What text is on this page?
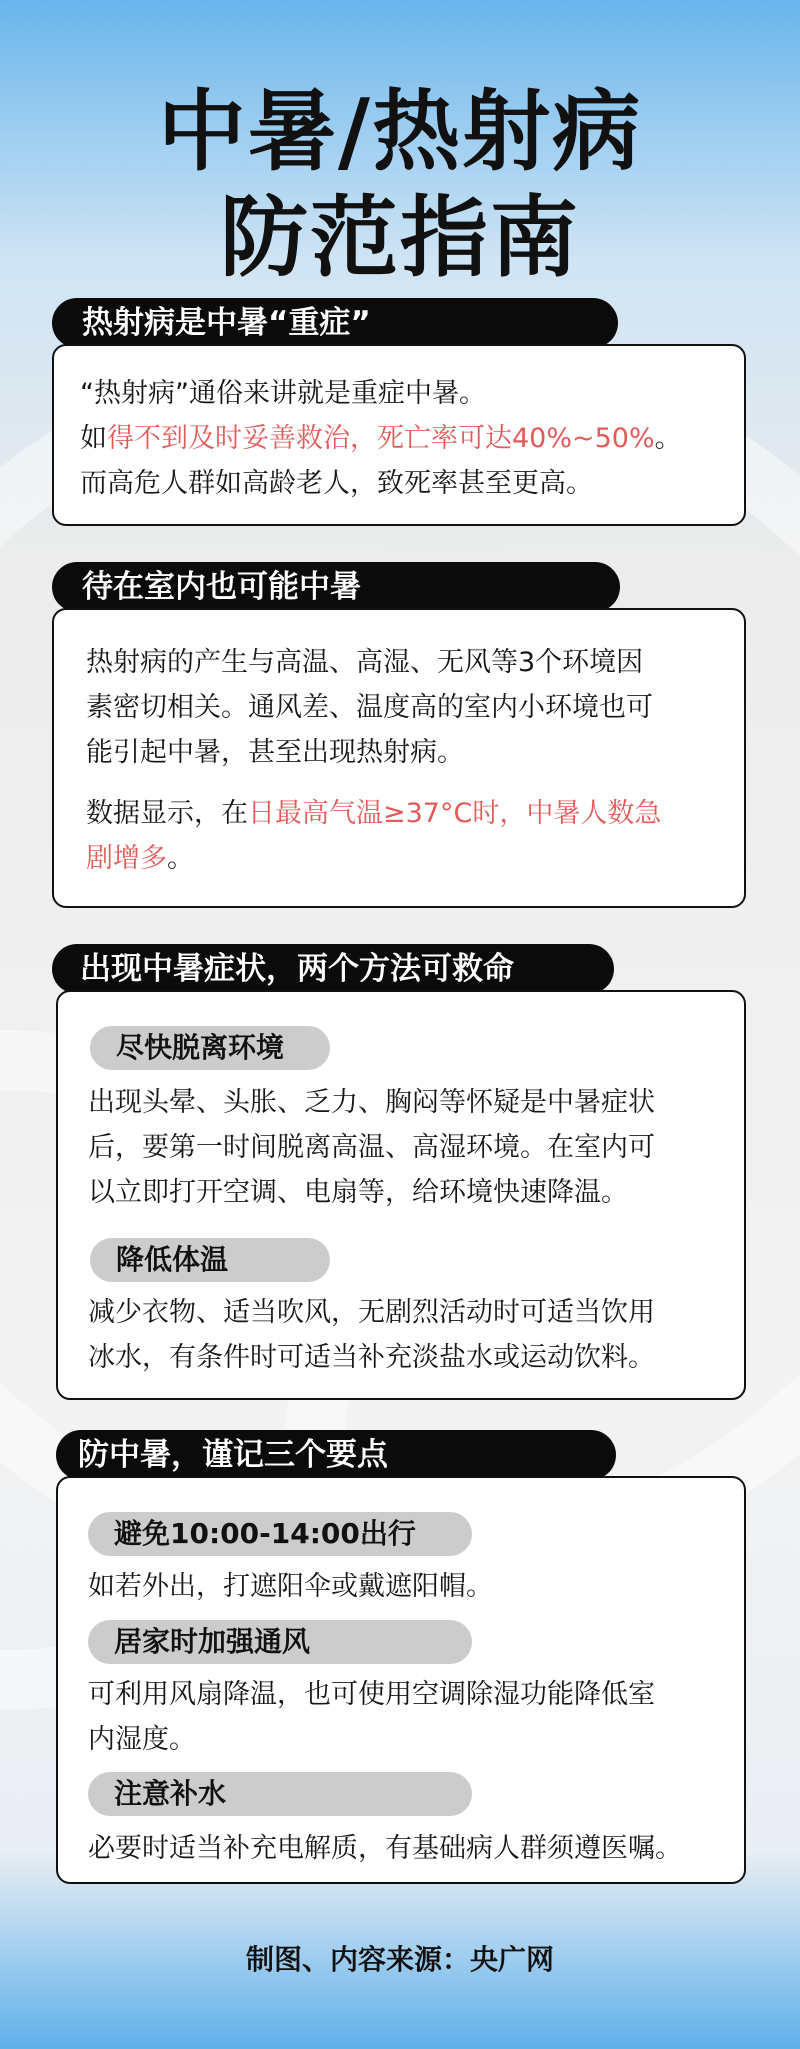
中暑/热射病
防范指南
热射病是中暑“重症”
“热射病”通俗来讲就是重症中暑。
如得不到及时妥善救治，死亡率可达40%~50%。
而高危人群如高龄老人，致死率甚至更高。
待在室内也可能中暑
热射病的产生与高温、高湿、无风等3个环境因
素密切相关。通风差、温度高的室内小环境也可
能引起中暑，甚至出现热射病。
数据显示，在日最高气温≥37°C时，中暑人数急
剧增多。
出现中暑症状，两个方法可救命
尽快脱离环境
出现头晕、头胀、乏力、胸闷等怀疑是中暑症状
后，要第一时间脱离高温、高湿环境。在室内可
以立即打开空调、电扇等，给环境快速降温。
降低体温
减少衣物、适当吹风，无剧烈活动时可适当饮用
冰水，有条件时可适当补充淡盐水或运动饮料。
防中暑，谨记三个要点
避免10:00-14:00出行
如若外出，打遮阳伞或戴遮阳帽。
居家时加强通风
可利用风扇降温，也可使用空调除湿功能降低室
内湿度。
注意补水
必要时适当补充电解质，有基础病人群须遵医嘱。
制图、内容来源：央广网
